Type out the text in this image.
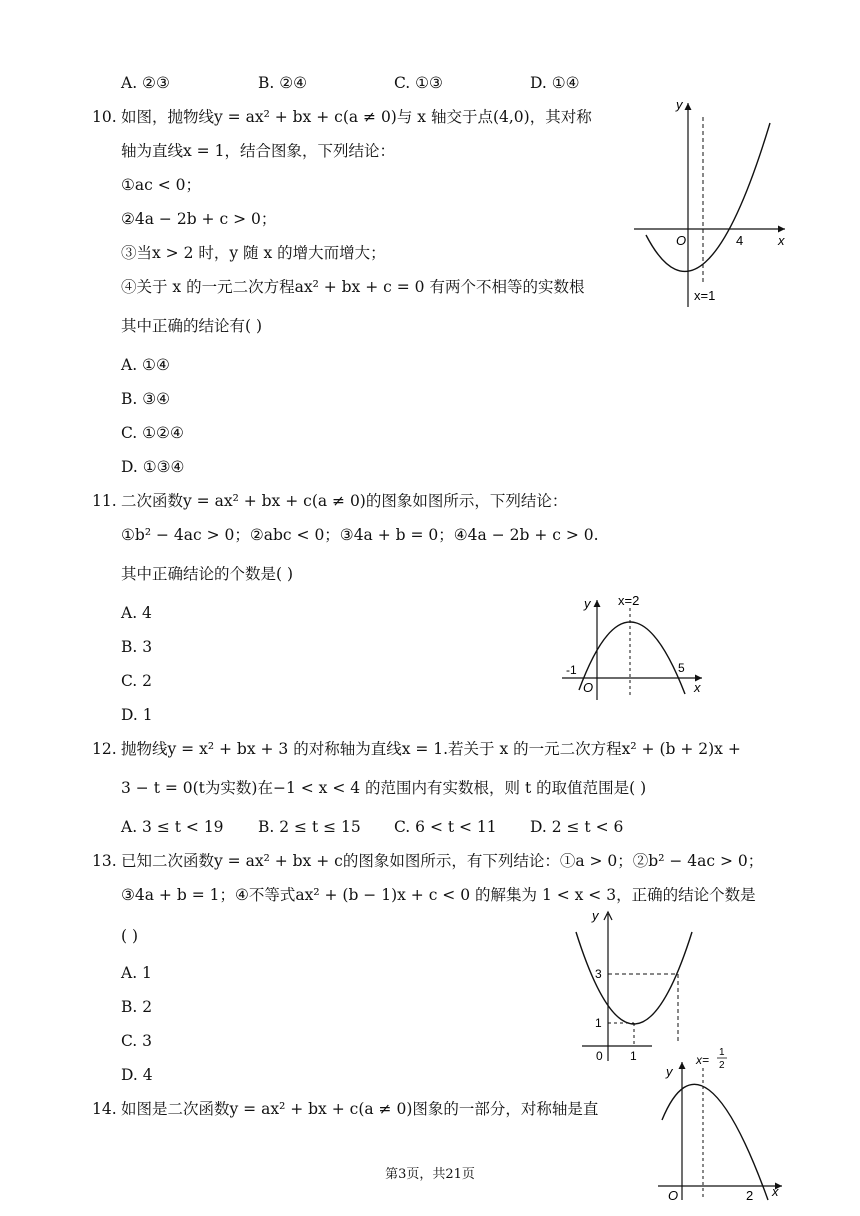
A. ②③	B. ②④	C. ①③	D. ①④
10. 如图，抛物线y = ax² + bx + c(a ≠ 0)与 x 轴交于点(4,0)，其对称
轴为直线x = 1，结合图象，下列结论：
①ac < 0；
②4a − 2b + c > 0；
③当x > 2 时，y 随 x 的增大而增大；
④关于 x 的一元二次方程ax² + bx + c = 0 有两个不相等的实数根
其中正确的结论有( )
A. ①④
B. ③④
C. ①②④
D. ①③④
y
x
O	4
x=1
11. 二次函数y = ax² + bx + c(a ≠ 0)的图象如图所示，下列结论：
①b² − 4ac > 0；②abc < 0；③4a + b = 0；④4a − 2b + c > 0.
其中正确结论的个数是( )
A. 4
B. 3
C. 2
D. 1
y
x
O
-1	5
x=2
12. 抛物线y = x² + bx + 3 的对称轴为直线x = 1.若关于 x 的一元二次方程x² + (b + 2)x +
3 − t = 0(t为实数)在−1 < x < 4 的范围内有实数根，则 t 的取值范围是( )
A. 3 ≤ t < 19 B. 2 ≤ t ≤ 15 C. 6 < t < 11 D. 2 ≤ t < 6
13. 已知二次函数y = ax² + bx + c的图象如图所示，有下列结论：①a > 0；②b² − 4ac > 0；
③4a + b = 1；④不等式ax² + (b − 1)x + c < 0 的解集为 1 < x < 3，正确的结论个数是
( )
A. 1
B. 2
C. 3
D. 4
y
3
1
0 1
14. 如图是二次函数y = ax² + bx + c(a ≠ 0)图象的一部分，对称轴是直
y
x
O	2
x=
1
2
第3页，共21页
